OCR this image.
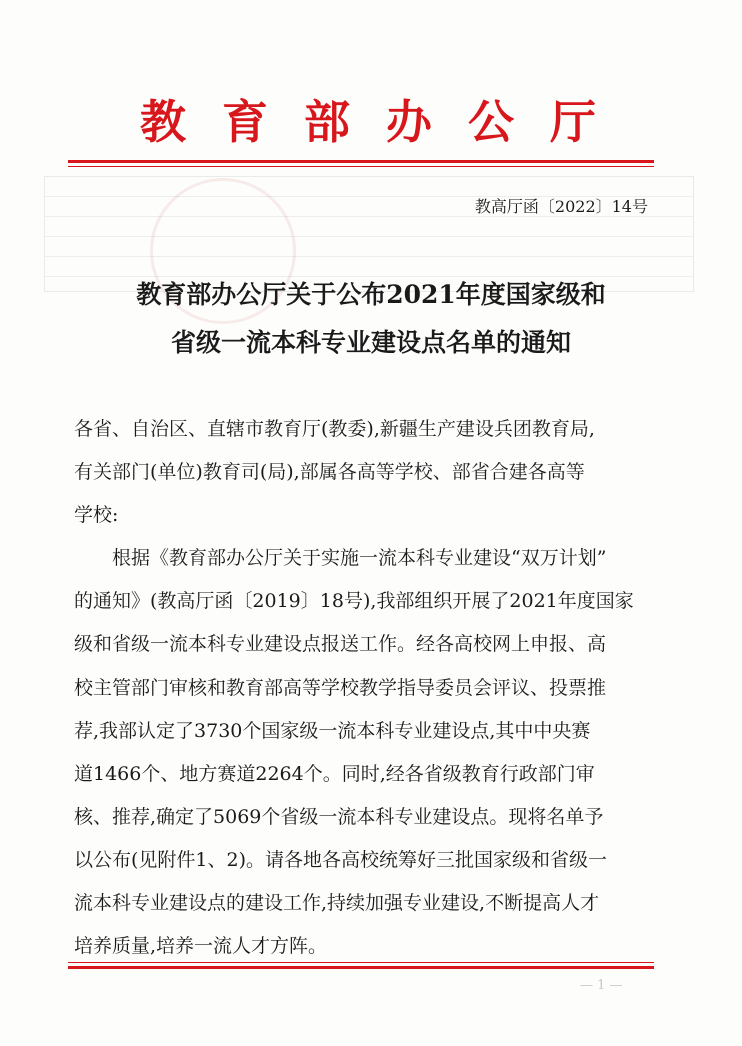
教育部办公厅
教高厅函〔2022〕14号
教育部办公厅关于公布2021年度国家级和
省级一流本科专业建设点名单的通知
各省、自治区、直辖市教育厅(教委),新疆生产建设兵团教育局,
有关部门(单位)教育司(局),部属各高等学校、部省合建各高等
学校:
　　根据《教育部办公厅关于实施一流本科专业建设“双万计划”
的通知》(教高厅函〔2019〕18号),我部组织开展了2021年度国家
级和省级一流本科专业建设点报送工作。经各高校网上申报、高
校主管部门审核和教育部高等学校教学指导委员会评议、投票推
荐,我部认定了3730个国家级一流本科专业建设点,其中中央赛
道1466个、地方赛道2264个。同时,经各省级教育行政部门审
核、推荐,确定了5069个省级一流本科专业建设点。现将名单予
以公布(见附件1、2)。请各地各高校统筹好三批国家级和省级一
流本科专业建设点的建设工作,持续加强专业建设,不断提高人才
— 1 —
培养质量,培养一流人才方阵。
